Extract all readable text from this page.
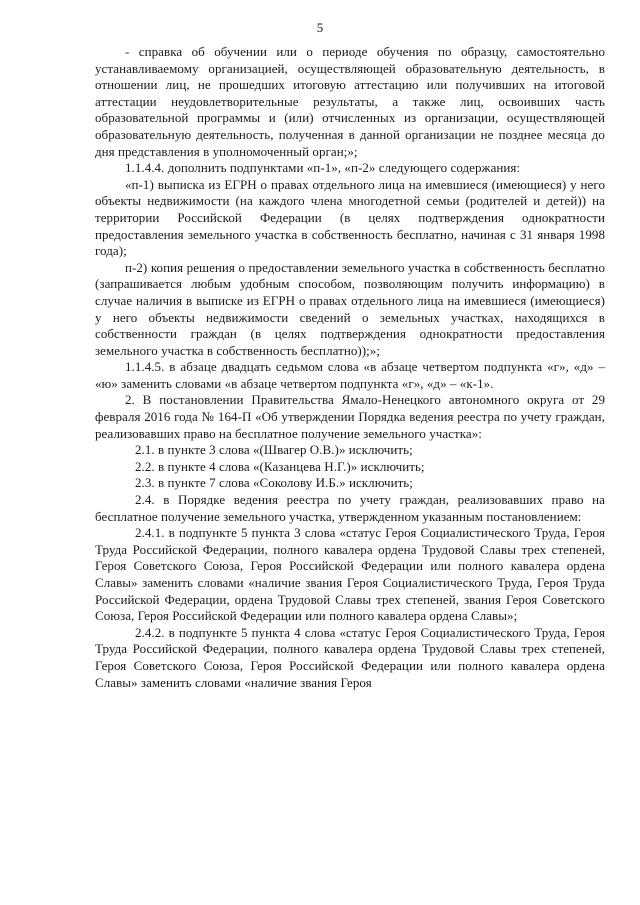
5

- справка об обучении или о периоде обучения по образцу, самостоятельно устанавливаемому организацией, осуществляющей образовательную деятельность, в отношении лиц, не прошедших итоговую аттестацию или получивших на итоговой аттестации неудовлетворительные результаты, а также лиц, освоивших часть образовательной программы и (или) отчисленных из организации, осуществляющей образовательную деятельность, полученная в данной организации не позднее месяца до дня представления в уполномоченный орган;»;

1.1.4.4. дополнить подпунктами «п-1», «п-2» следующего содержания:

«п-1) выписка из ЕГРН о правах отдельного лица на имевшиеся (имеющиеся) у него объекты недвижимости (на каждого члена многодетной семьи (родителей и детей)) на территории Российской Федерации (в целях подтверждения однократности предоставления земельного участка в собственность бесплатно, начиная с 31 января 1998 года);

п-2) копия решения о предоставлении земельного участка в собственность бесплатно (запрашивается любым удобным способом, позволяющим получить информацию) в случае наличия в выписке из ЕГРН о правах отдельного лица на имевшиеся (имеющиеся) у него объекты недвижимости сведений о земельных участках, находящихся в собственности граждан (в целях подтверждения однократности предоставления земельного участка в собственность бесплатно));»;

1.1.4.5. в абзаце двадцать седьмом слова «в абзаце четвертом подпункта «г», «д» – «ю» заменить словами «в абзаце четвертом подпункта «г», «д» – «к-1».

2. В постановлении Правительства Ямало-Ненецкого автономного округа от 29 февраля 2016 года № 164-П «Об утверждении Порядка ведения реестра по учету граждан, реализовавших право на бесплатное получение земельного участка»:

2.1. в пункте 3 слова «(Швагер О.В.)» исключить;

2.2. в пункте 4 слова «(Казанцева Н.Г.)» исключить;

2.3. в пункте 7 слова «Соколову И.Б.» исключить;

2.4. в Порядке ведения реестра по учету граждан, реализовавших право на бесплатное получение земельного участка, утвержденном указанным постановлением:

2.4.1. в подпункте 5 пункта 3 слова «статус Героя Социалистического Труда, Героя Труда Российской Федерации, полного кавалера ордена Трудовой Славы трех степеней, Героя Советского Союза, Героя Российской Федерации или полного кавалера ордена Славы» заменить словами «наличие звания Героя Социалистического Труда, Героя Труда Российской Федерации, ордена Трудовой Славы трех степеней, звания Героя Советского Союза, Героя Российской Федерации или полного кавалера ордена Славы»;

2.4.2. в подпункте 5 пункта 4 слова «статус Героя Социалистического Труда, Героя Труда Российской Федерации, полного кавалера ордена Трудовой Славы трех степеней, Героя Советского Союза, Героя Российской Федерации или полного кавалера ордена Славы» заменить словами «наличие звания Героя
